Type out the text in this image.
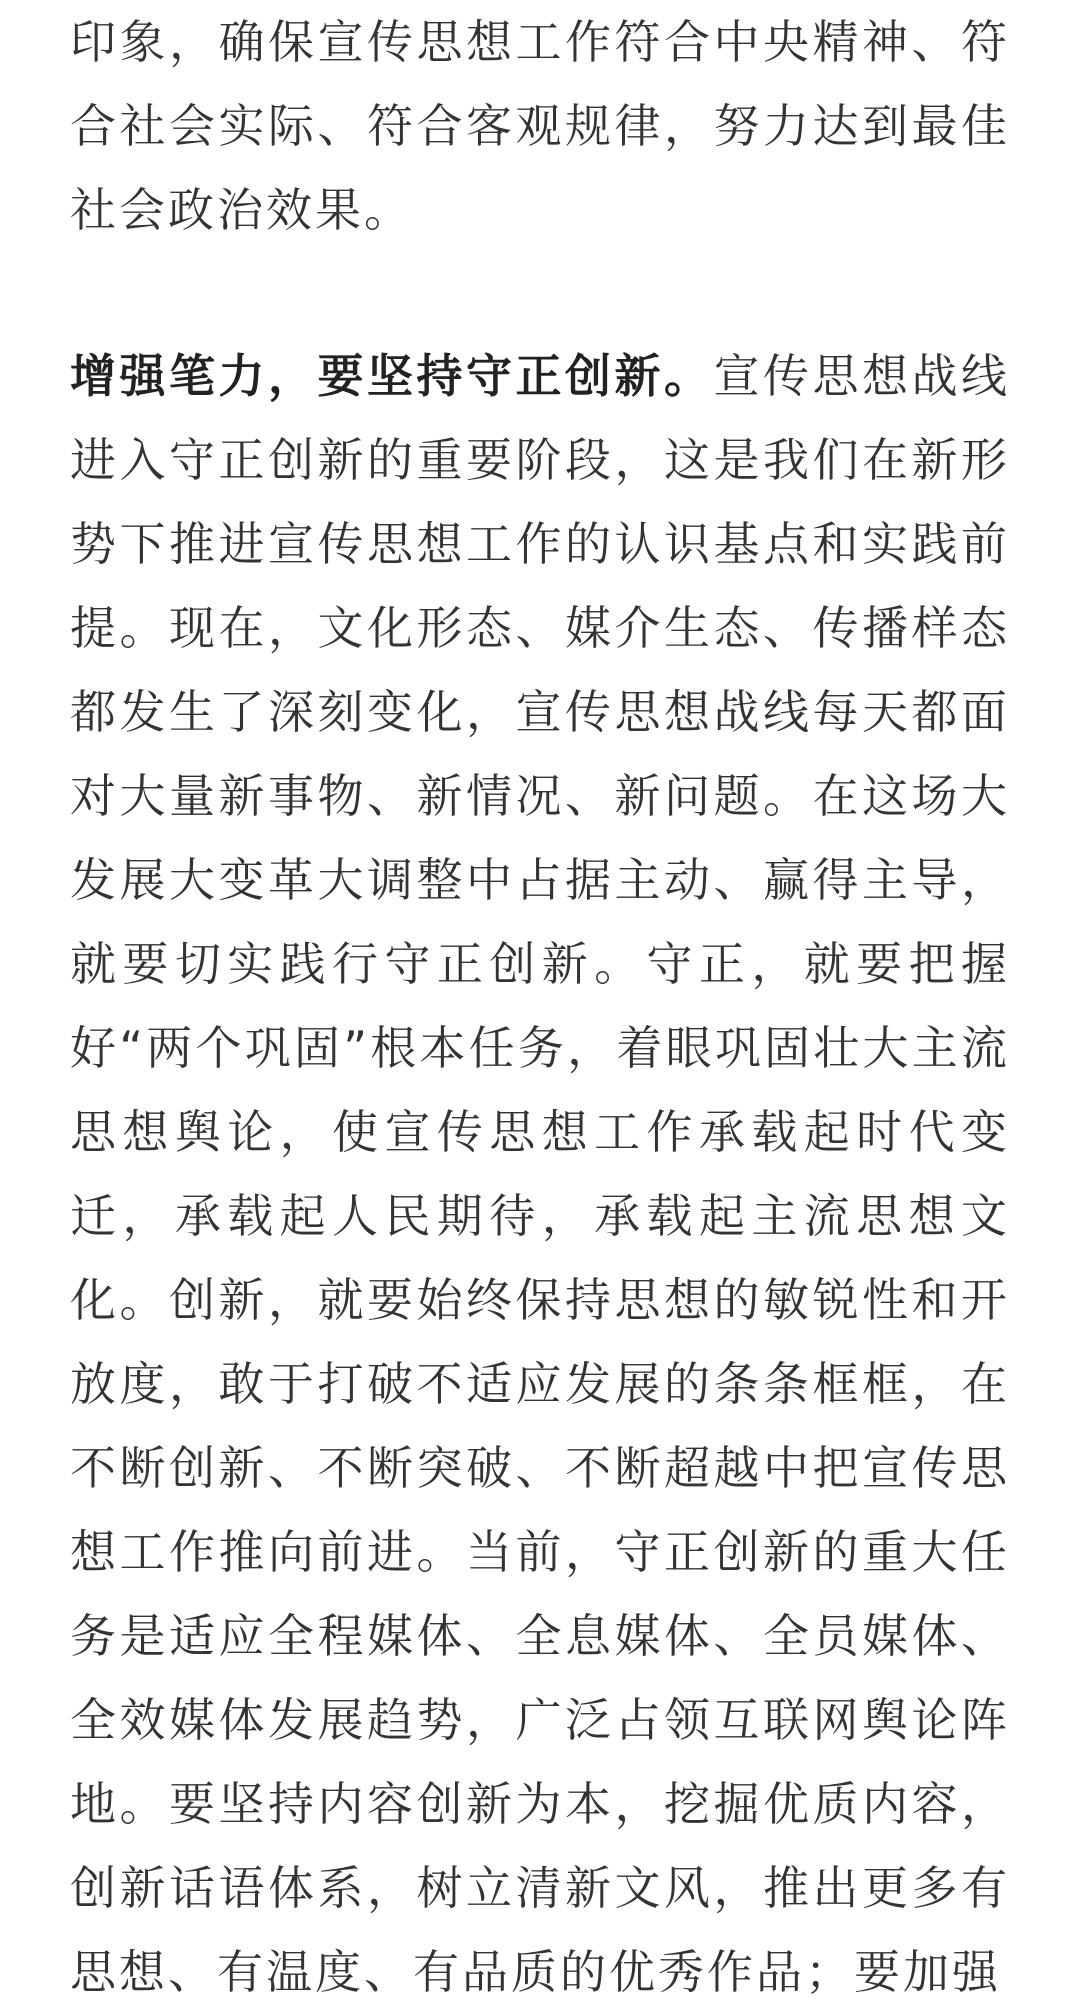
印象，确保宣传思想工作符合中央精神、符合社会实际、符合客观规律，努力达到最佳社会政治效果。

增强笔力，要坚持守正创新。宣传思想战线进入守正创新的重要阶段，这是我们在新形势下推进宣传思想工作的认识基点和实践前提。现在，文化形态、媒介生态、传播样态都发生了深刻变化，宣传思想战线每天都面对大量新事物、新情况、新问题。在这场大发展大变革大调整中占据主动、赢得主导，就要切实践行守正创新。守正，就要把握好“两个巩固”根本任务，着眼巩固壮大主流思想舆论，使宣传思想工作承载起时代变迁，承载起人民期待，承载起主流思想文化。创新，就要始终保持思想的敏锐性和开放度，敢于打破不适应发展的条条框框，在不断创新、不断突破、不断超越中把宣传思想工作推向前进。当前，守正创新的重大任务是适应全程媒体、全息媒体、全员媒体、全效媒体发展趋势，广泛占领互联网舆论阵地。要坚持内容创新为本，挖掘优质内容，创新话语体系，树立清新文风，推出更多有思想、有温度、有品质的优秀作品；要加强
